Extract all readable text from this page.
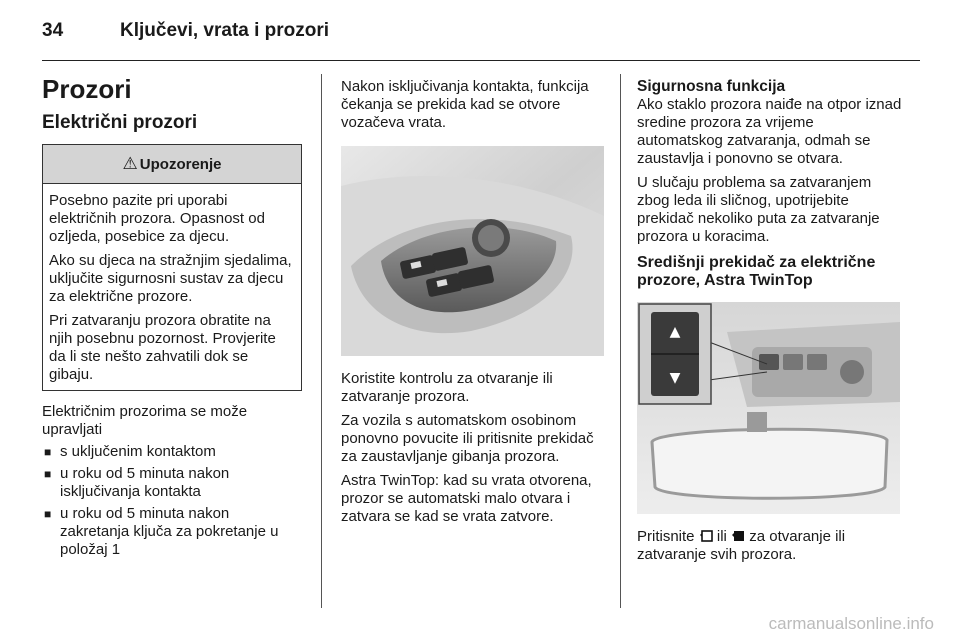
34	Ključevi, vrata i prozori
Prozori
Električni prozori
⚠ Upozorenje

Posebno pazite pri uporabi električnih prozora. Opasnost od ozljeda, posebice za djecu.

Ako su djeca na stražnjim sjedalima, uključite sigurnosni sustav za djecu za električne prozore.

Pri zatvaranju prozora obratite na njih posebnu pozornost. Provjerite da li ste nešto zahvatili dok se gibaju.

Električnim prozorima se može upravljati

■ s uključenim kontaktom
■ u roku od 5 minuta nakon isključivanja kontakta
■ u roku od 5 minuta nakon zakretanja ključa za pokretanje u položaj 1

Nakon isključivanja kontakta, funkcija čekanja se prekida kad se otvore vozačeva vrata.

Koristite kontrolu za otvaranje ili zatvaranje prozora.

Za vozila s automatskom osobinom ponovno povucite ili pritisnite prekidač za zaustavljanje gibanja prozora.

Astra TwinTop: kad su vrata otvorena, prozor se automatski malo otvara i zatvara se kad se vrata zatvore.

Sigurnosna funkcija

Ako staklo prozora naiđe na otpor iznad sredine prozora za vrijeme automatskog zatvaranja, odmah se zaustavlja i ponovno se otvara.

U slučaju problema sa zatvaranjem zbog leda ili sličnog, upotrijebite prekidač nekoliko puta za zatvaranje prozora u koracima.

Središnji prekidač za električne prozore, Astra TwinTop
▲
▼

Pritisnite ili za otvaranje ili zatvaranje svih prozora.

carmanualsonline.info
